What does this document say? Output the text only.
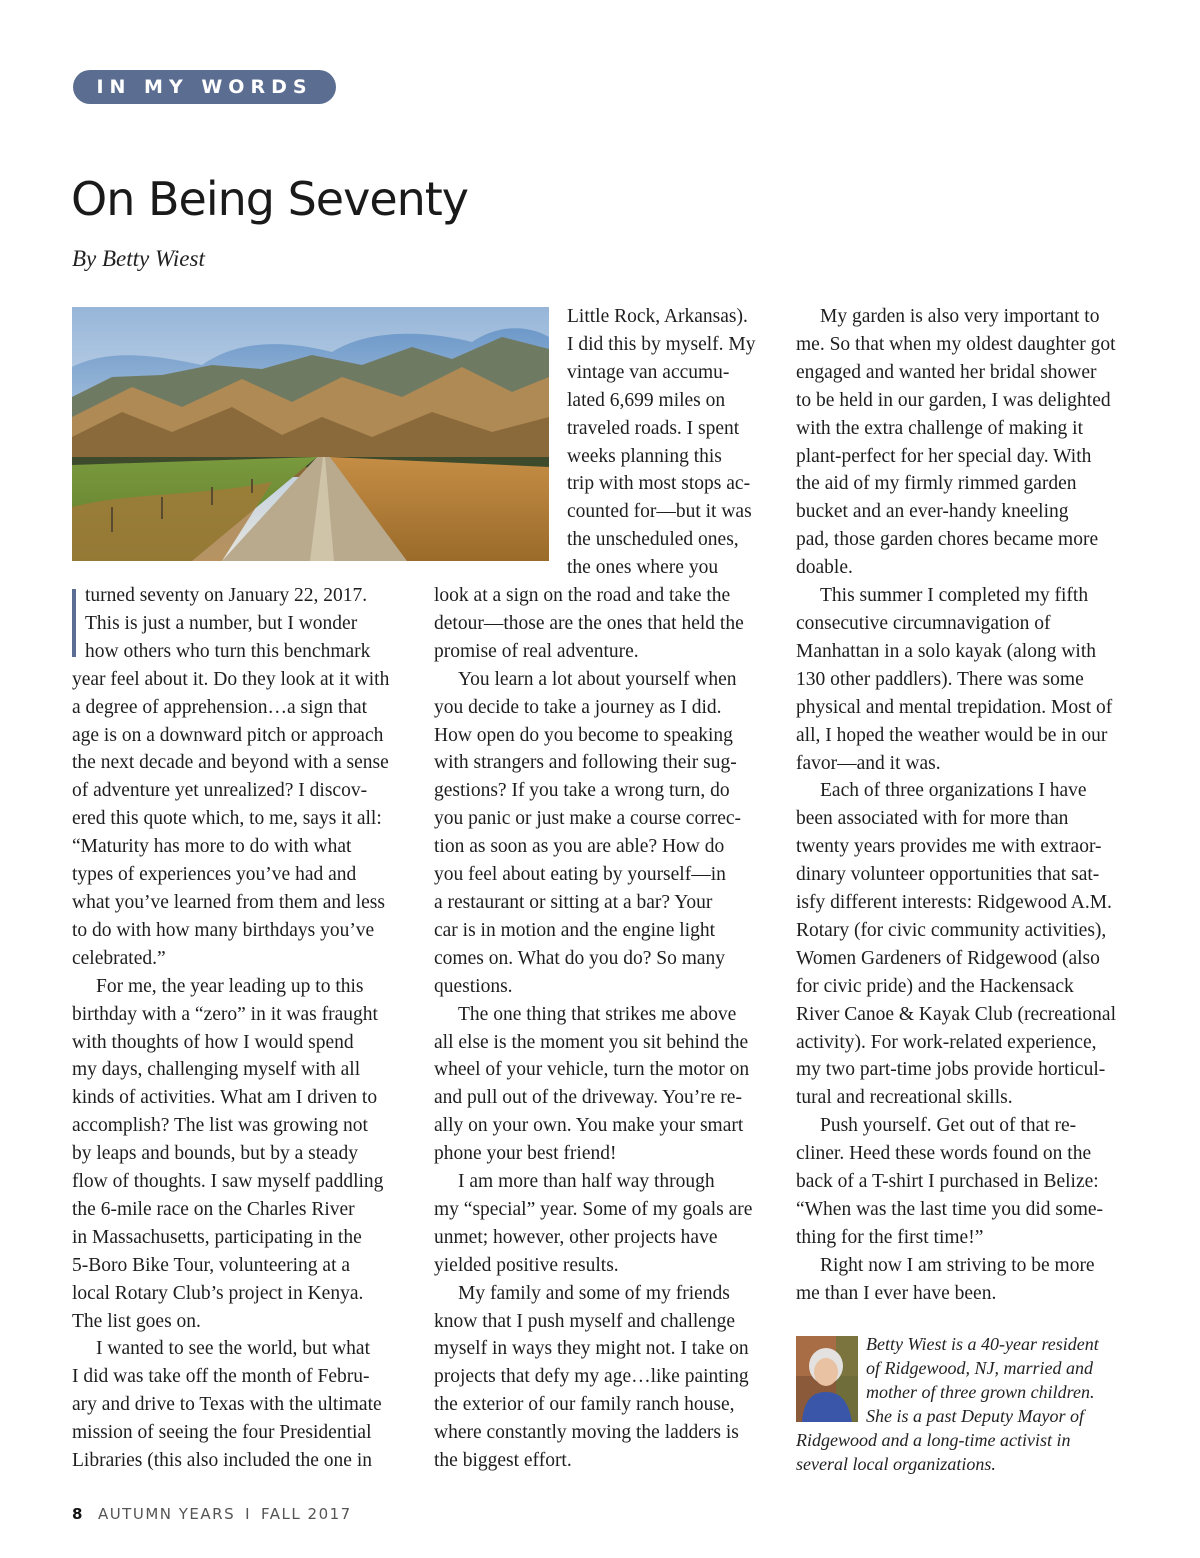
IN MY WORDS
On Being Seventy
By Betty Wiest

turned seventy on January 22, 2017.

This is just a number, but I wonder

how others who turn this benchmark

year feel about it. Do they look at it with

a degree of apprehension…a sign that

age is on a downward pitch or approach

the next decade and beyond with a sense

of adventure yet unrealized? I discov-

ered this quote which, to me, says it all:

“Maturity has more to do with what

types of experiences you’ve had and

what you’ve learned from them and less

to do with how many birthdays you’ve

celebrated.”

For me, the year leading up to this

birthday with a “zero” in it was fraught

with thoughts of how I would spend

my days, challenging myself with all

kinds of activities. What am I driven to

accomplish? The list was growing not

by leaps and bounds, but by a steady

flow of thoughts. I saw myself paddling

the 6-mile race on the Charles River

in Massachusetts, participating in the

5-Boro Bike Tour, volunteering at a

local Rotary Club’s project in Kenya.

The list goes on.

I wanted to see the world, but what

I did was take off the month of Febru-

ary and drive to Texas with the ultimate

mission of seeing the four Presidential

Libraries (this also included the one in

Little Rock, Arkansas).

I did this by myself. My

vintage van accumu-

lated 6,699 miles on

traveled roads. I spent

weeks planning this

trip with most stops ac-

counted for—but it was

the unscheduled ones,

the ones where you

look at a sign on the road and take the

detour—those are the ones that held the

promise of real adventure.

You learn a lot about yourself when

you decide to take a journey as I did.

How open do you become to speaking

with strangers and following their sug-

gestions? If you take a wrong turn, do

you panic or just make a course correc-

tion as soon as you are able? How do

you feel about eating by yourself—in

a restaurant or sitting at a bar? Your

car is in motion and the engine light

comes on. What do you do? So many

questions.

The one thing that strikes me above

all else is the moment you sit behind the

wheel of your vehicle, turn the motor on

and pull out of the driveway. You’re re-

ally on your own. You make your smart

phone your best friend!

I am more than half way through

my “special” year. Some of my goals are

unmet; however, other projects have

yielded positive results.

My family and some of my friends

know that I push myself and challenge

myself in ways they might not. I take on

projects that defy my age…like painting

the exterior of our family ranch house,

where constantly moving the ladders is

the biggest effort.

My garden is also very important to

me. So that when my oldest daughter got

engaged and wanted her bridal shower

to be held in our garden, I was delighted

with the extra challenge of making it

plant-perfect for her special day. With

the aid of my firmly rimmed garden

bucket and an ever-handy kneeling

pad, those garden chores became more

doable.

This summer I completed my fifth

consecutive circumnavigation of

Manhattan in a solo kayak (along with

130 other paddlers). There was some

physical and mental trepidation. Most of

all, I hoped the weather would be in our

favor—and it was.

Each of three organizations I have

been associated with for more than

twenty years provides me with extraor-

dinary volunteer opportunities that sat-

isfy different interests: Ridgewood A.M.

Rotary (for civic community activities),

Women Gardeners of Ridgewood (also

for civic pride) and the Hackensack

River Canoe & Kayak Club (recreational

activity). For work-related experience,

my two part-time jobs provide horticul-

tural and recreational skills.

Push yourself. Get out of that re-

cliner. Heed these words found on the

back of a T-shirt I purchased in Belize:

“When was the last time you did some-

thing for the first time!”

Right now I am striving to be more

me than I ever have been.

Betty Wiest is a 40-year resident

of Ridgewood, NJ, married and

mother of three grown children.

She is a past Deputy Mayor of

Ridgewood and a long-time activist in

several local organizations.

8 AUTUMN YEARS I FALL 2017
